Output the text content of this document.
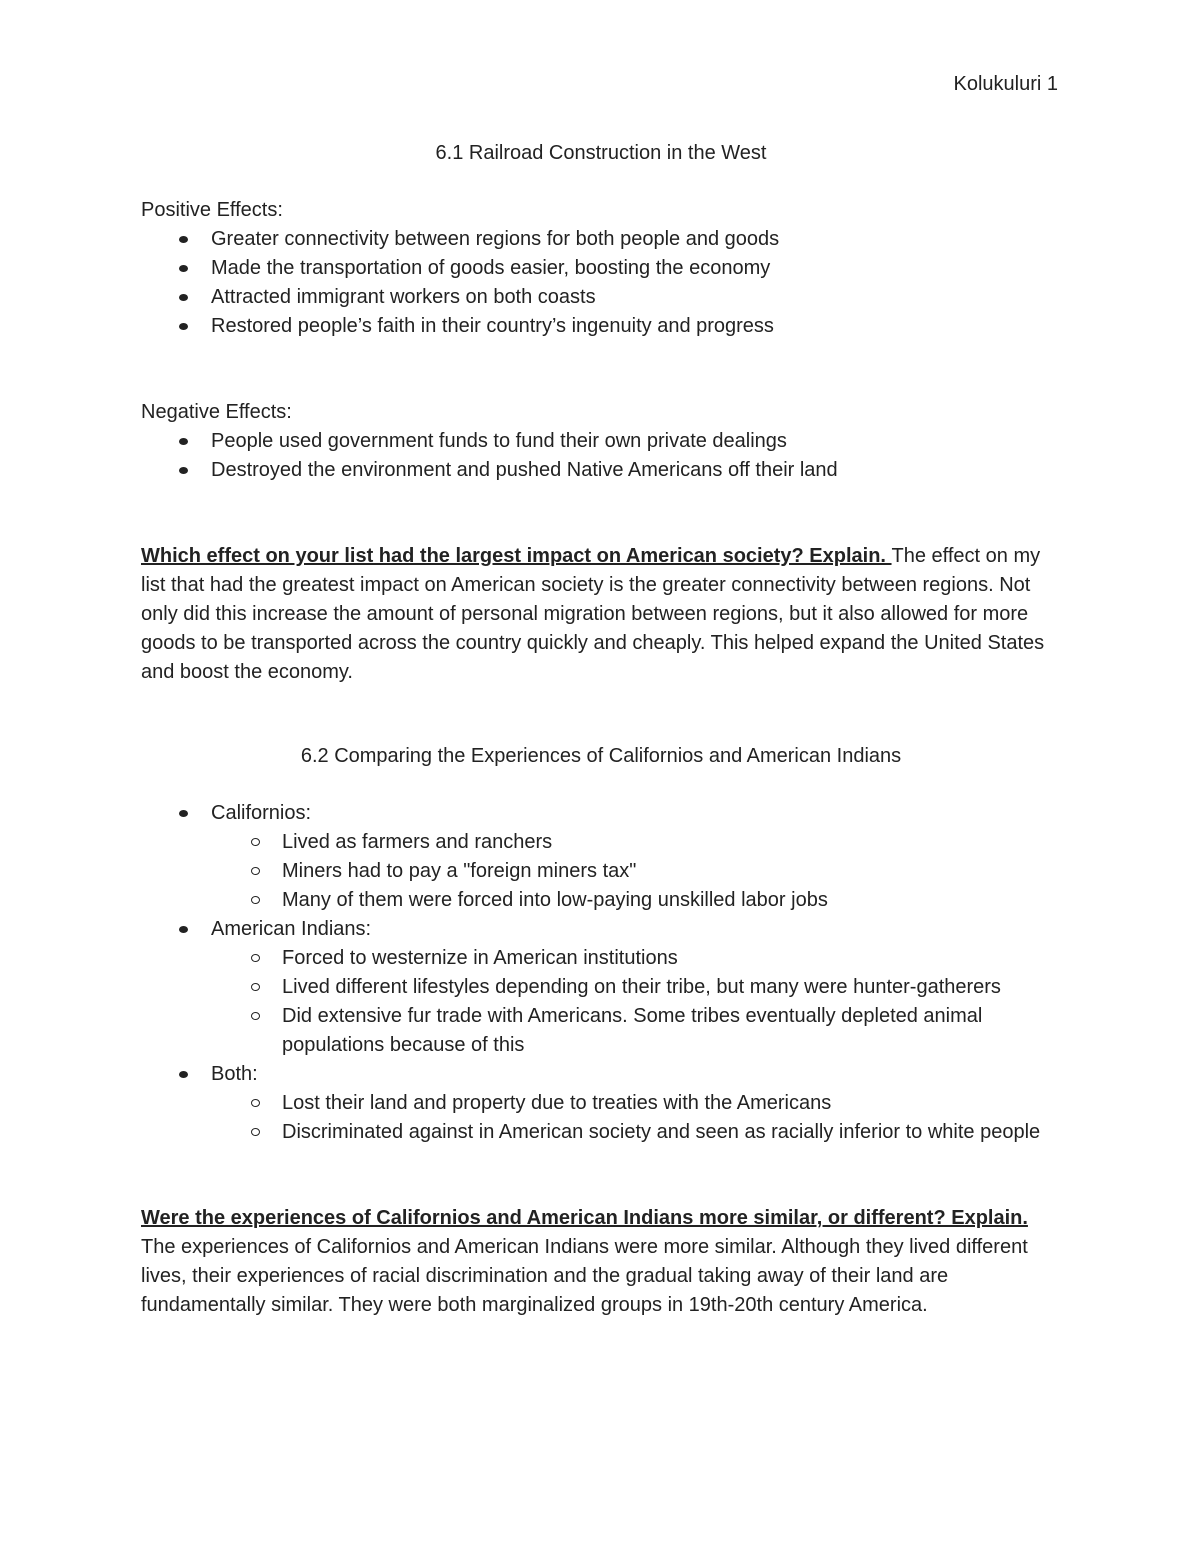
Kolukuluri 1
6.1 Railroad Construction in the West

Positive Effects:

Greater connectivity between regions for both people and goods
Made the transportation of goods easier, boosting the economy
Attracted immigrant workers on both coasts
Restored people’s faith in their country’s ingenuity and progress

Negative Effects:

People used government funds to fund their own private dealings
Destroyed the environment and pushed Native Americans off their land

Which effect on your list had the largest impact on American society? Explain. The effect on my list that had the greatest impact on American society is the greater connectivity between regions. Not only did this increase the amount of personal migration between regions, but it also allowed for more goods to be transported across the country quickly and cheaply. This helped expand the United States and boost the economy.

6.2 Comparing the Experiences of Californios and American Indians
Californios:
Lived as farmers and ranchers
Miners had to pay a "foreign miners tax"
Many of them were forced into low-paying unskilled labor jobs
American Indians:
Forced to westernize in American institutions
Lived different lifestyles depending on their tribe, but many were hunter-gatherers
Did extensive fur trade with Americans. Some tribes eventually depleted animal populations because of this
Both:
Lost their land and property due to treaties with the Americans
Discriminated against in American society and seen as racially inferior to white people

Were the experiences of Californios and American Indians more similar, or different? Explain. The experiences of Californios and American Indians were more similar. Although they lived different lives, their experiences of racial discrimination and the gradual taking away of their land are fundamentally similar. They were both marginalized groups in 19th-20th century America.
